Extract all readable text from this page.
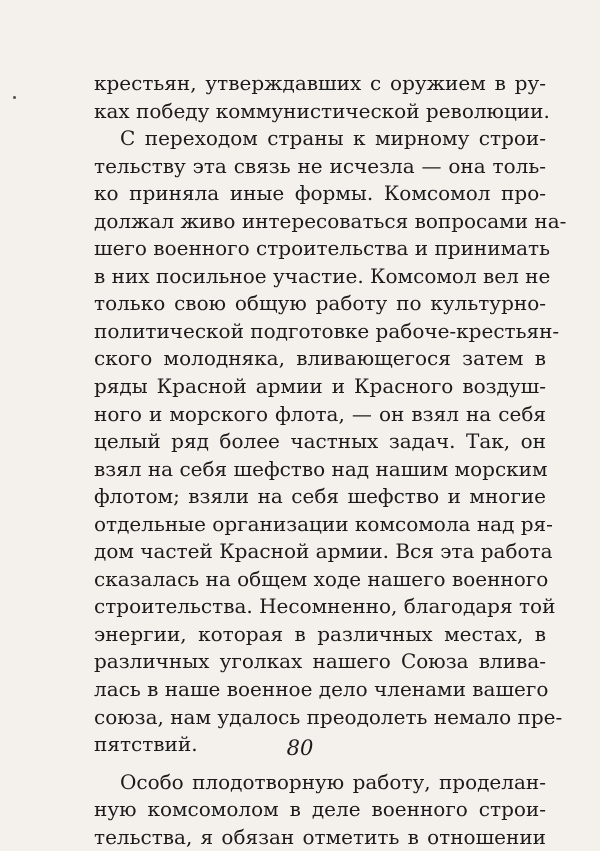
крестьян, утверждавших с оружием в ру-
ках победу коммунистической революции.
С переходом страны к мирному строи-
тельству эта связь не исчезла — она толь-
ко приняла иные формы. Комсомол про-
должал живо интересоваться вопросами на-
шего военного строительства и принимать
в них посильное участие. Комсомол вел не
только свою общую работу по культурно-
политической подготовке рабоче-крестьян-
ского молодняка, вливающегося затем в
ряды Красной армии и Красного воздуш-
ного и морского флота, — он взял на себя
целый ряд более частных задач. Так, он
взял на себя шефство над нашим морским
флотом; взяли на себя шефство и многие
отдельные организации комсомола над ря-
дом частей Красной армии. Вся эта работа
сказалась на общем ходе нашего военного
строительства. Несомненно, благодаря той
энергии, которая в различных местах, в
различных уголках нашего Союза влива-
лась в наше военное дело членами вашего
союза, нам удалось преодолеть немало пре-
пятствий.
Особо плодотворную работу, проделан-
ную комсомолом в деле военного строи-
тельства, я обязан отметить в отношении
80
